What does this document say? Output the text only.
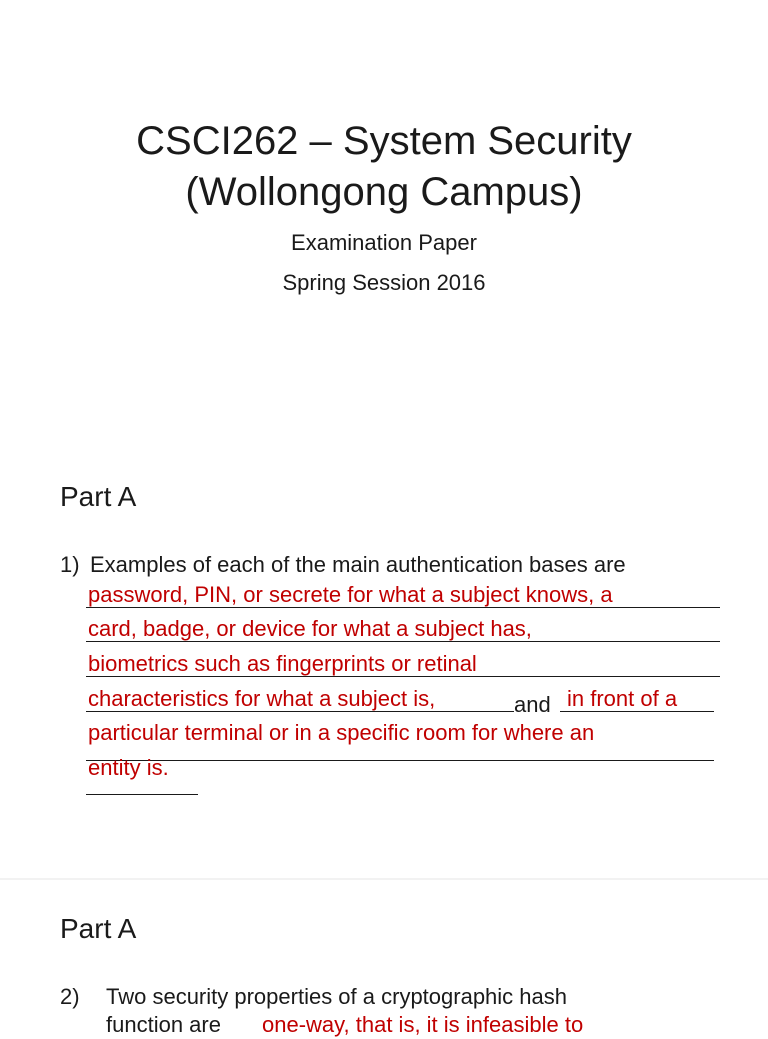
CSCI262 – System Security
(Wollongong Campus)
Examination Paper
Spring Session 2016
Part A
1) Examples of each of the main authentication bases are
password, PIN, or secrete for what a subject knows, a
card, badge, or device for what a subject has,
biometrics such as fingerprints or retinal
characteristics for what a subject is,	and in front of a
particular terminal or in a specific room for where an
entity is.
Part A
2) Two security properties of a cryptographic hash
function are one-way, that is, it is infeasible to
